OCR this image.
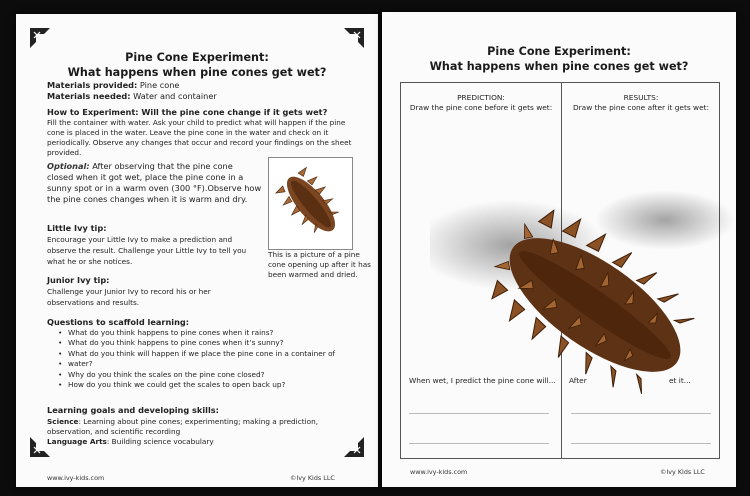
Pine Cone Experiment:
What happens when pine cones get wet?
Materials provided: Pine cone
Materials needed: Water and container
How to Experiment: Will the pine cone change if it gets wet?
Fill the container with water. Ask your child to predict what will happen if the pine
cone is placed in the water. Leave the pine cone in the water and check on it
periodically. Observe any changes that occur and record your findings on the sheet
provided.
Optional: After observing that the pine cone
closed when it got wet, place the pine cone in a
sunny spot or in a warm oven (300 °F).Observe how
the pine cones changes when it is warm and dry.
This is a picture of a pine
cone opening up after it has
been warmed and dried.
Little Ivy tip:
Encourage your Little Ivy to make a prediction and
observe the result. Challenge your Little Ivy to tell you
what he or she notices.
Junior Ivy tip:
Challenge your Junior Ivy to record his or her
observations and results.
Questions to scaffold learning:
• What do you think happens to pine cones when it rains?
• What do you think happens to pine cones when it’s sunny?
• What do you think will happen if we place the pine cone in a container of
• water?
• Why do you think the scales on the pine cone closed?
• How do you think we could get the scales to open back up?
Learning goals and developing skills:
Science: Learning about pine cones; experimenting; making a prediction,
observation, and scientific recording
Language Arts: Building science vocabulary
www.ivy-kids.com	©Ivy Kids LLC
Pine Cone Experiment:
What happens when pine cones get wet?
PREDICTION:
Draw the pine cone before it gets wet:
RESULTS:
Draw the pine cone after it gets wet:
When wet, I predict the pine cone will... After	et it...
www.ivy-kids.com	©Ivy Kids LLC
